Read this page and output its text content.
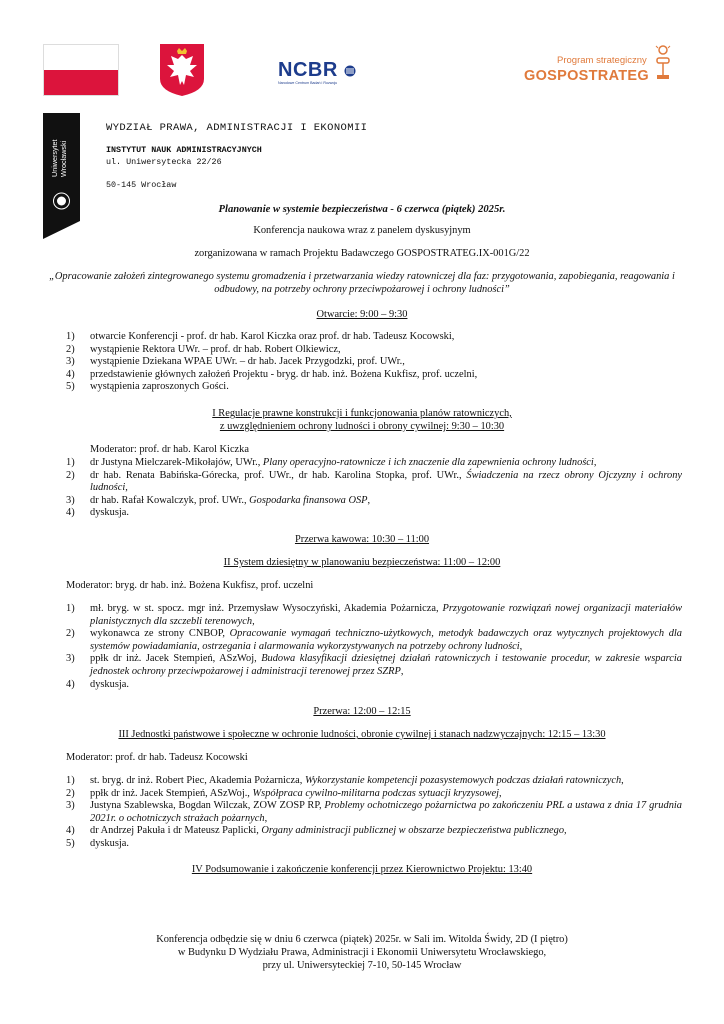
NCBR
Narodowe Centrum Badań i Rozwoju
Program strategiczny
GOSPOSTRATEG
Uniwersytet Wrocławski
WYDZIAŁ PRAWA, ADMINISTRACJI I EKONOMII
INSTYTUT NAUK ADMINISTRACYJNYCH
ul. Uniwersytecka 22/26
50-145 Wrocław
Planowanie w systemie bezpieczeństwa - 6 czerwca (piątek) 2025r.
Konferencja naukowa wraz z panelem dyskusyjnym
zorganizowana w ramach Projektu Badawczego GOSPOSTRATEG.IX-001G/22
„Opracowanie założeń zintegrowanego systemu gromadzenia i przetwarzania wiedzy ratowniczej dla faz: przygotowania, zapobiegania, reagowania i odbudowy, na potrzeby ochrony przeciwpożarowej i ochrony ludności”
Otwarcie: 9:00 – 9:30
1) otwarcie Konferencji - prof. dr hab. Karol Kiczka oraz prof. dr hab. Tadeusz Kocowski,
2) wystąpienie Rektora UWr. – prof. dr hab. Robert Olkiewicz,
3) wystąpienie Dziekana WPAE UWr. – dr hab. Jacek Przygodzki, prof. UWr.,
4) przedstawienie głównych założeń Projektu - bryg. dr hab. inż. Bożena Kukfisz, prof. uczelni,
5) wystąpienia zaproszonych Gości.
I Regulacje prawne konstrukcji i funkcjonowania planów ratowniczych,
z uwzględnieniem ochrony ludności i obrony cywilnej: 9:30 – 10:30
Moderator: prof. dr hab. Karol Kiczka
1) dr Justyna Mielczarek-Mikołajów, UWr., Plany operacyjno-ratownicze i ich znaczenie dla zapewnienia ochrony ludności,
2) dr hab. Renata Babińska-Górecka, prof. UWr., dr hab. Karolina Stopka, prof. UWr., Świadczenia na rzecz obrony Ojczyzny i ochrony ludności,
3) dr hab. Rafał Kowalczyk, prof. UWr., Gospodarka finansowa OSP,
4) dyskusja.
Przerwa kawowa: 10:30 – 11:00
II System dziesiętny w planowaniu bezpieczeństwa: 11:00 – 12:00
Moderator: bryg. dr hab. inż. Bożena Kukfisz, prof. uczelni
1) mł. bryg. w st. spocz. mgr inż. Przemysław Wysoczyński, Akademia Pożarnicza, Przygotowanie rozwiązań nowej organizacji materiałów planistycznych dla szczebli terenowych,
2) wykonawca ze strony CNBOP, Opracowanie wymagań techniczno-użytkowych, metodyk badawczych oraz wytycznych projektowych dla systemów powiadamiania, ostrzegania i alarmowania wykorzystywanych na potrzeby ochrony ludności,
3) ppłk dr inż. Jacek Stempień, ASzWoj, Budowa klasyfikacji dziesiętnej działań ratowniczych i testowanie procedur, w zakresie wsparcia jednostek ochrony przeciwpożarowej i administracji terenowej przez SZRP,
4) dyskusja.
Przerwa: 12:00 – 12:15
III Jednostki państwowe i społeczne w ochronie ludności, obronie cywilnej i stanach nadzwyczajnych: 12:15 – 13:30
Moderator: prof. dr hab. Tadeusz Kocowski
1) st. bryg. dr inż. Robert Piec, Akademia Pożarnicza, Wykorzystanie kompetencji pozasystemowych podczas działań ratowniczych,
2) ppłk dr inż. Jacek Stempień, ASzWoj., Współpraca cywilno-militarna podczas sytuacji kryzysowej,
3) Justyna Szablewska, Bogdan Wilczak, ZOW ZOSP RP, Problemy ochotniczego pożarnictwa po zakończeniu PRL a ustawa z dnia 17 grudnia 2021r. o ochotniczych strażach pożarnych,
4) dr Andrzej Pakuła i dr Mateusz Paplicki, Organy administracji publicznej w obszarze bezpieczeństwa publicznego,
5) dyskusja.
IV Podsumowanie i zakończenie konferencji przez Kierownictwo Projektu: 13:40
Konferencja odbędzie się w dniu 6 czerwca (piątek) 2025r. w Sali im. Witolda Świdy, 2D (I piętro)
w Budynku D Wydziału Prawa, Administracji i Ekonomii Uniwersytetu Wrocławskiego,
przy ul. Uniwersyteckiej 7-10, 50-145 Wrocław
